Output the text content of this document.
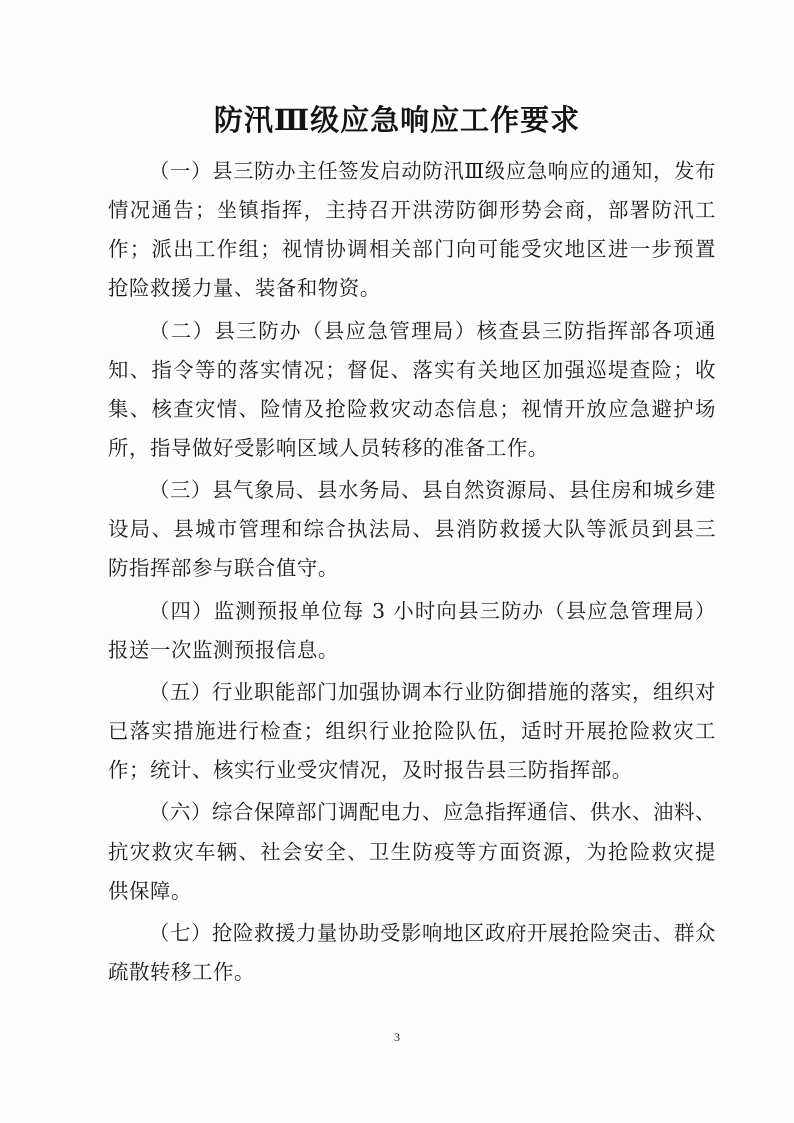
防汛Ⅲ级应急响应工作要求

（一）县三防办主任签发启动防汛Ⅲ级应急响应的通知，发布情况通告；坐镇指挥，主持召开洪涝防御形势会商，部署防汛工作；派出工作组；视情协调相关部门向可能受灾地区进一步预置抢险救援力量、装备和物资。

（二）县三防办（县应急管理局）核查县三防指挥部各项通知、指令等的落实情况；督促、落实有关地区加强巡堤查险；收集、核查灾情、险情及抢险救灾动态信息；视情开放应急避护场所，指导做好受影响区域人员转移的准备工作。

（三）县气象局、县水务局、县自然资源局、县住房和城乡建设局、县城市管理和综合执法局、县消防救援大队等派员到县三防指挥部参与联合值守。

（四）监测预报单位每 3 小时向县三防办（县应急管理局）报送一次监测预报信息。

（五）行业职能部门加强协调本行业防御措施的落实，组织对已落实措施进行检查；组织行业抢险队伍，适时开展抢险救灾工作；统计、核实行业受灾情况，及时报告县三防指挥部。

（六）综合保障部门调配电力、应急指挥通信、供水、油料、抗灾救灾车辆、社会安全、卫生防疫等方面资源，为抢险救灾提供保障。

（七）抢险救援力量协助受影响地区政府开展抢险突击、群众疏散转移工作。

3
